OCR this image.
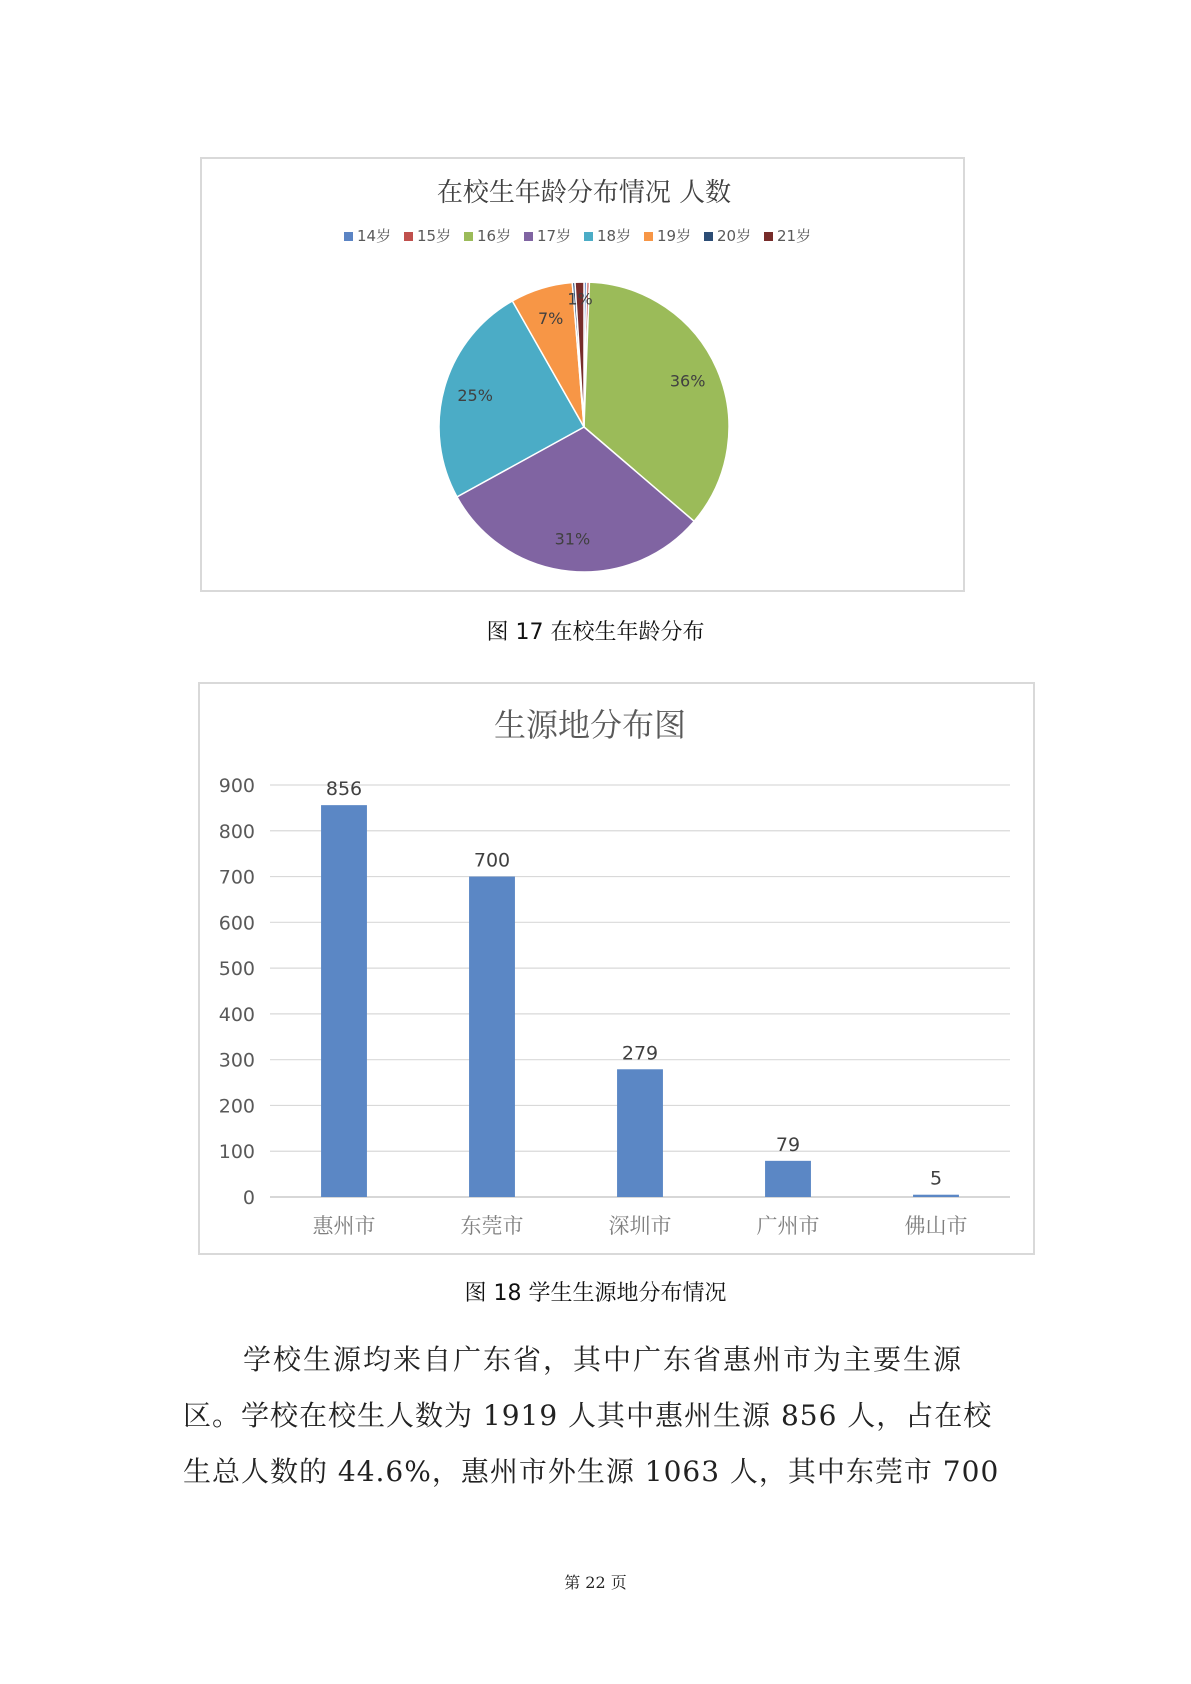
在校生年龄分布情况 人数
14岁 15岁 16岁 17岁 18岁 19岁 20岁 21岁
36%
31%
25%
7%
1%
图 17 在校生年龄分布
生源地分布图
0
100
200
300
400
500
600
700
800
900	856
700
279
79
5
惠州市	东莞市	深圳市	广州市	佛山市
图 18 学生生源地分布情况
学校生源均来自广东省，其中广东省惠州市为主要生源
区。学校在校生人数为 1919 人其中惠州生源 856 人，占在校
生总人数的 44.6%，惠州市外生源 1063 人，其中东莞市 700
第 22 页
